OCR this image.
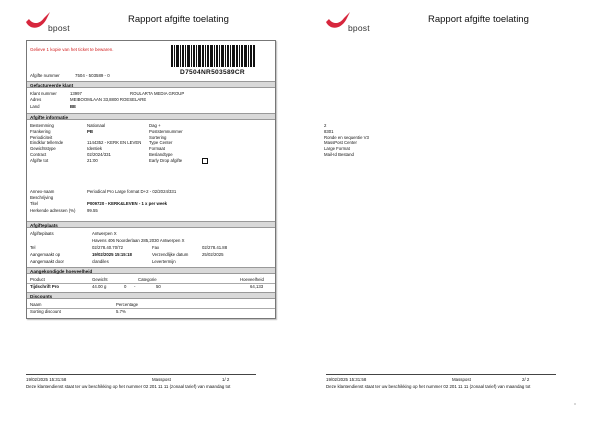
bpost
Rapport afgifte toelating
Gelieve 1 kopie van het ticket te bewaren.
D7504NR503589CR
Afgifte nummer	7504 - 503589 - 0
Gefactureerde klant
Klant nummer	13997	ROULARTA MEDIA GROUP
Adres	MEIBOOMLAAN 33,8800 ROESELARE
Land	BE
Afgifte informatie
Bestemming	Nationaal
Frankering	PB
Periodiciteit
Eindklur tellernde	1144352 - KERK EN LEVEN
Gewichtstype	Identiek
Contract	02/2024/331
Afgifte tot	21:00
Dag +	2
Poststemnummer	8301
Sortering	Ronde en sequentie V3
Type Center	MassPost Center
Formaat	Large Format
Beslandtype	Mail-Id Bestand
Early Drop afgifte
Annex-naam	Periodical Pro Large format D+2 - 02/2024/331
Beschrijving
Titel	P009720 - KERK&LEVEN - 1 x per week
Herkende adressen (%)	99.55
Afgifteplaats
Afgifteplaats	Antwerpen X
Havens 406 Noorderlaan 285,2030 Antwerpen X
Tel	02/278.40.70/72	Fax	02/278.41.88
Aangemaakt op	19/02/2025 15:15:18	Verzendlijke datum	25/02/2025
Aangemaakt door	clandiles	Levertermijn
Aangekondigde hoeveelheid
Product	Gewicht	Categorie	Hoeveelheid
Tijdschrift Pro	44.00 g	0 -	50	64,133
Discounts
Naam	Percentage
Sorting discount	5.7%
19/02/2025 15:31:58	Masspost	1/ 2
Deze klantendienst staat ter uw beschikking op het nummer 02 201 11 11 (zonaal tarief) van maandag tot
bpost
Rapport afgifte toelating
19/02/2025 15:31:58	Masspost	2/ 2
Deze klantendienst staat ter uw beschikking op het nummer 02 201 11 11 (zonaal tarief) van maandag tot
